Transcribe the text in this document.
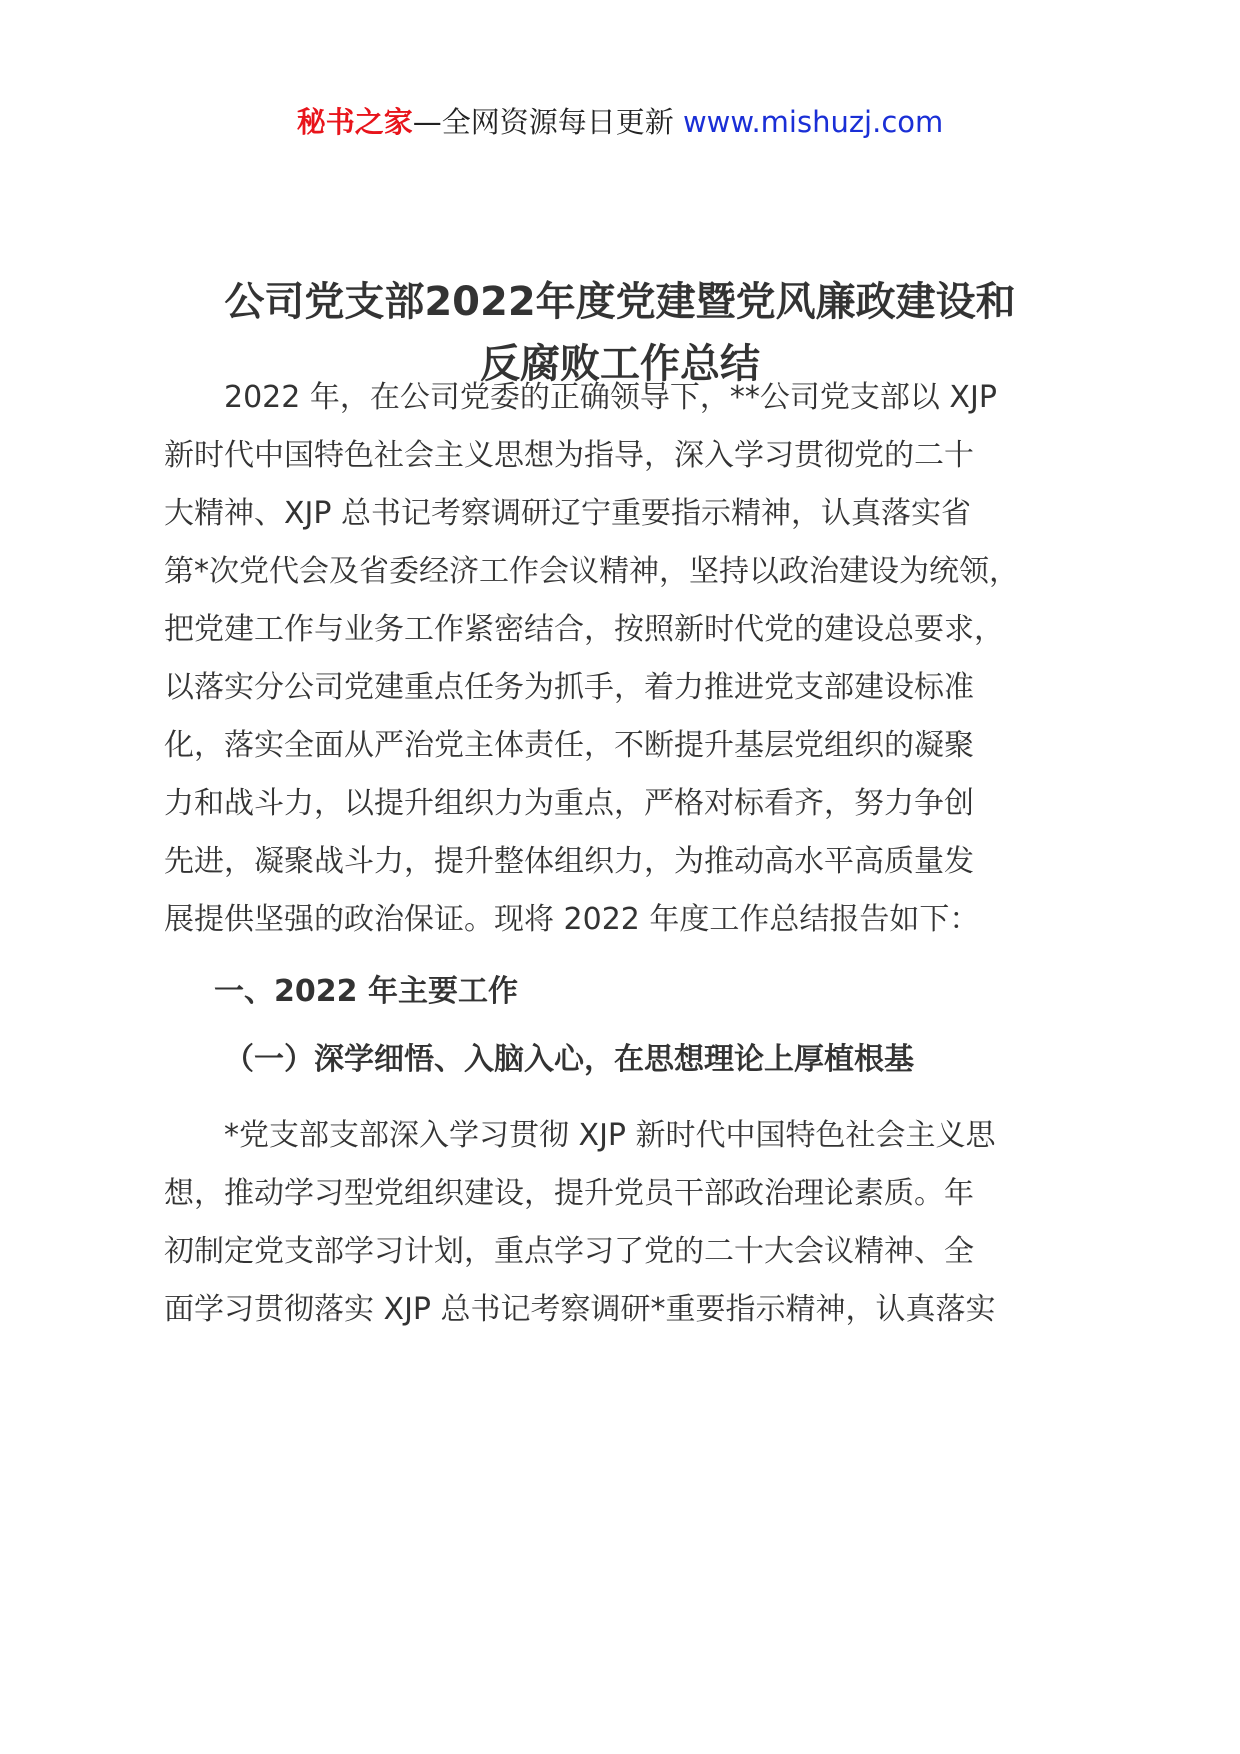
秘书之家—全网资源每日更新 www.mishuzj.com
公司党支部2022年度党建暨党风廉政建设和
反腐败工作总结
　　2022 年，在公司党委的正确领导下，**公司党支部以 XJP
新时代中国特色社会主义思想为指导，深入学习贯彻党的二十
大精神、XJP 总书记考察调研辽宁重要指示精神，认真落实省
第*次党代会及省委经济工作会议精神，坚持以政治建设为统领，
把党建工作与业务工作紧密结合，按照新时代党的建设总要求，
以落实分公司党建重点任务为抓手，着力推进党支部建设标准
化，落实全面从严治党主体责任，不断提升基层党组织的凝聚
力和战斗力，以提升组织力为重点，严格对标看齐，努力争创
先进，凝聚战斗力，提升整体组织力，为推动高水平高质量发
展提供坚强的政治保证。现将 2022 年度工作总结报告如下：
一、2022 年主要工作
（一）深学细悟、入脑入心，在思想理论上厚植根基
　　*党支部支部深入学习贯彻 XJP 新时代中国特色社会主义思
想，推动学习型党组织建设，提升党员干部政治理论素质。年
初制定党支部学习计划，重点学习了党的二十大会议精神、全
面学习贯彻落实 XJP 总书记考察调研*重要指示精神，认真落实
